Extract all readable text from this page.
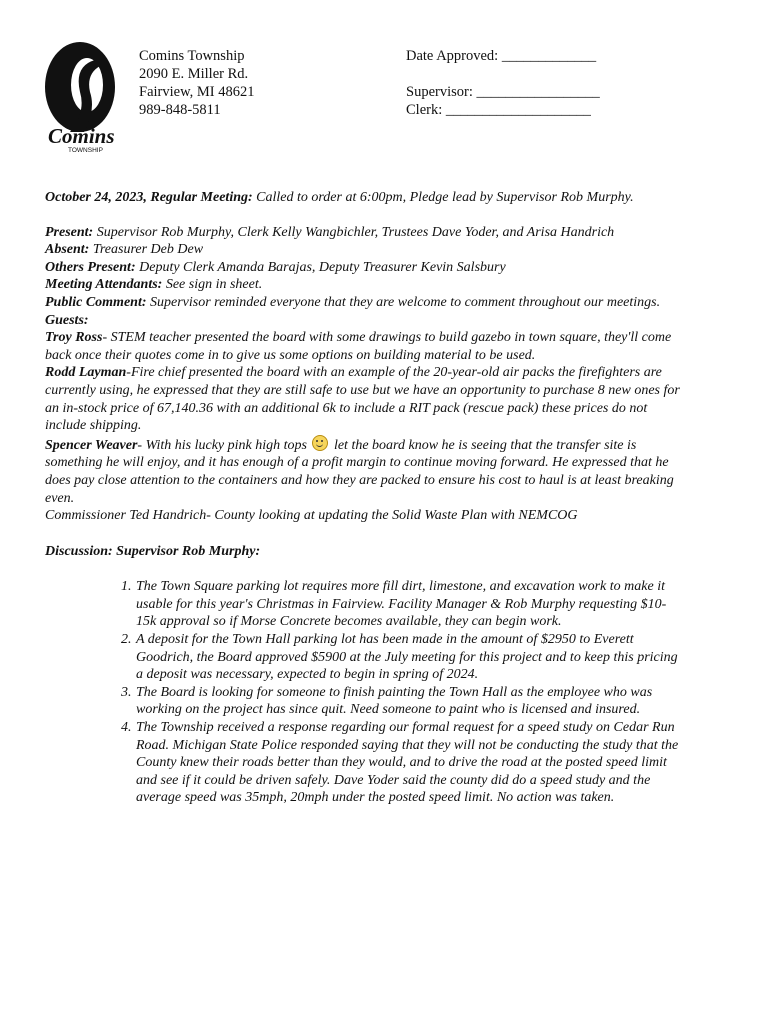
Comins
TOWNSHIP
Comins Township
2090 E. Miller Rd.
Fairview, MI 48621
989-848-5811
Date Approved: _____________
Supervisor: _________________
Clerk: ____________________

October 24, 2023, Regular Meeting: Called to order at 6:00pm, Pledge lead by Supervisor Rob Murphy.

Present: Supervisor Rob Murphy, Clerk Kelly Wangbichler, Trustees Dave Yoder, and Arisa Handrich

Absent: Treasurer Deb Dew

Others Present: Deputy Clerk Amanda Barajas, Deputy Treasurer Kevin Salsbury

Meeting Attendants: See sign in sheet.

Public Comment: Supervisor reminded everyone that they are welcome to comment throughout our meetings.

Guests:

Troy Ross- STEM teacher presented the board with some drawings to build gazebo in town square, they'll come back once their quotes come in to give us some options on building material to be used.

Rodd Layman-Fire chief presented the board with an example of the 20-year-old air packs the firefighters are currently using, he expressed that they are still safe to use but we have an opportunity to purchase 8 new ones for an in-stock price of 67,140.36 with an additional 6k to include a RIT pack (rescue pack) these prices do not include shipping.

Spencer Weaver- With his lucky pink high tops  let the board know he is seeing that the transfer site is something he will enjoy, and it has enough of a profit margin to continue moving forward. He expressed that he does pay close attention to the containers and how they are packed to ensure his cost to haul is at least breaking even.

Commissioner Ted Handrich- County looking at updating the Solid Waste Plan with NEMCOG

Discussion: Supervisor Rob Murphy:

1. The Town Square parking lot requires more fill dirt, limestone, and excavation work to make it usable for this year's Christmas in Fairview. Facility Manager & Rob Murphy requesting $10-15k approval so if Morse Concrete becomes available, they can begin work.
2. A deposit for the Town Hall parking lot has been made in the amount of $2950 to Everett Goodrich, the Board approved $5900 at the July meeting for this project and to keep this pricing a deposit was necessary, expected to begin in spring of 2024.
3. The Board is looking for someone to finish painting the Town Hall as the employee who was working on the project has since quit. Need someone to paint who is licensed and insured.
4. The Township received a response regarding our formal request for a speed study on Cedar Run Road. Michigan State Police responded saying that they will not be conducting the study that the County knew their roads better than they would, and to drive the road at the posted speed limit and see if it could be driven safely. Dave Yoder said the county did do a speed study and the average speed was 35mph, 20mph under the posted speed limit. No action was taken.
